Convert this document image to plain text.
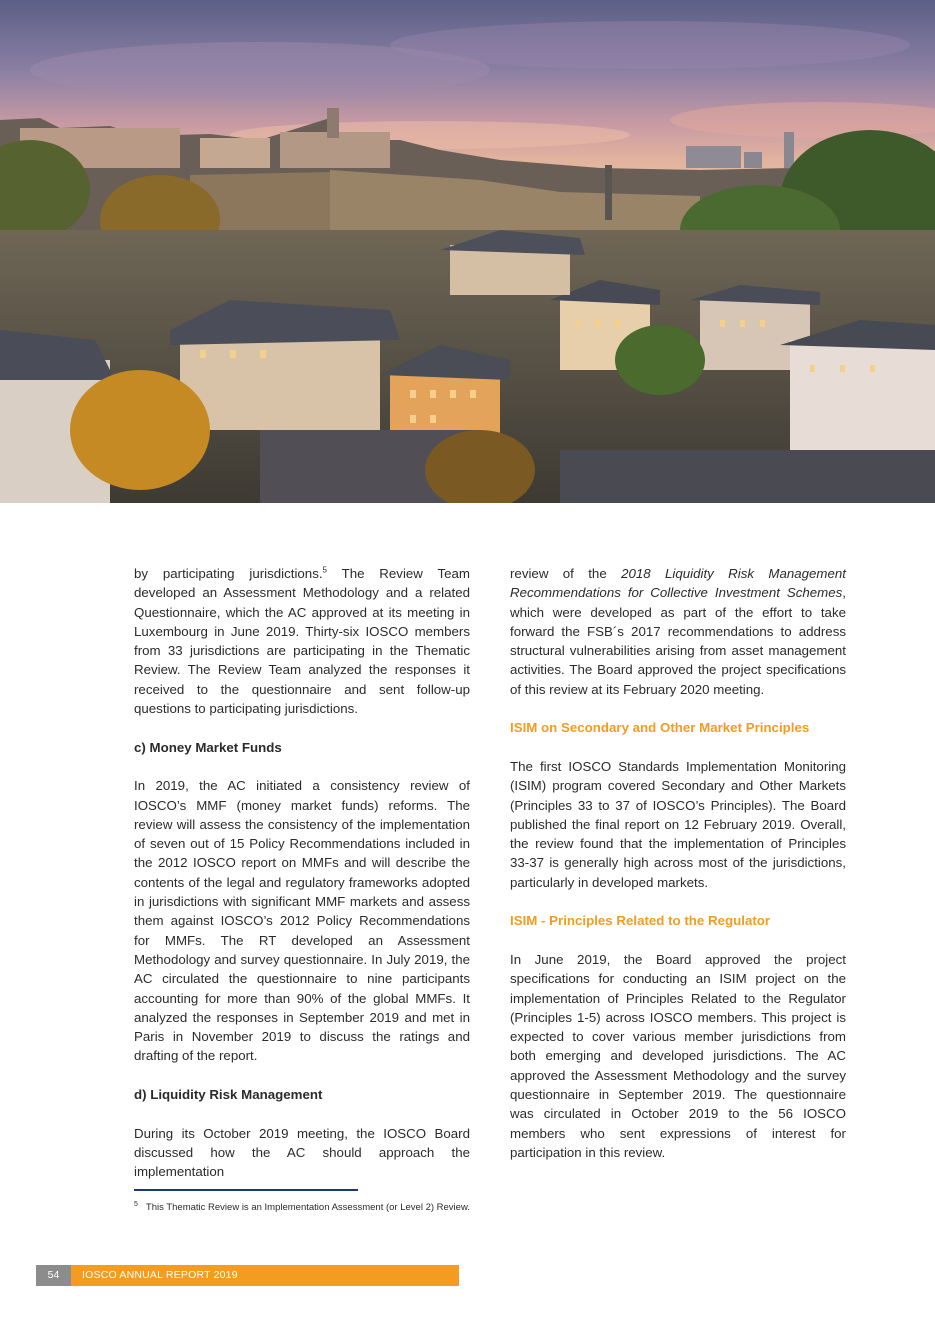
by participating jurisdictions.$^5$ The Review Team developed an Assessment Methodology and a related Questionnaire, which the AC approved at its meeting in Luxembourg in June 2019. Thirty-six IOSCO members from 33 jurisdictions are participating in the Thematic Review. The Review Team analyzed the responses it received to the questionnaire and sent follow-up questions to participating jurisdictions.

c) Money Market Funds

In 2019, the AC initiated a consistency review of IOSCO’s MMF (money market funds) reforms. The review will assess the consistency of the implementation of seven out of 15 Policy Recommendations included in the 2012 IOSCO report on MMFs and will describe the contents of the legal and regulatory frameworks adopted in jurisdictions with significant MMF markets and assess them against IOSCO’s 2012 Policy Recommendations for MMFs. The RT developed an Assessment Methodology and survey questionnaire. In July 2019, the AC circulated the questionnaire to nine participants accounting for more than 90% of the global MMFs. It analyzed the responses in September 2019 and met in Paris in November 2019 to discuss the ratings and drafting of the report.

d) Liquidity Risk Management

During its October 2019 meeting, the IOSCO Board discussed how the AC should approach the implementation

review of the 2018 Liquidity Risk Management Recommendations for Collective Investment Schemes, which were developed as part of the effort to take forward the FSB´s 2017 recommendations to address structural vulnerabilities arising from asset management activities. The Board approved the project specifications of this review at its February 2020 meeting.

ISIM on Secondary and Other Market Principles

The first IOSCO Standards Implementation Monitoring (ISIM) program covered Secondary and Other Markets (Principles 33 to 37 of IOSCO’s Principles). The Board published the final report on 12 February 2019. Overall, the review found that the implementation of Principles 33-37 is generally high across most of the jurisdictions, particularly in developed markets.

ISIM - Principles Related to the Regulator

In June 2019, the Board approved the project specifications for conducting an ISIM project on the implementation of Principles Related to the Regulator (Principles 1-5) across IOSCO members. This project is expected to cover various member jurisdictions from both emerging and developed jurisdictions. The AC approved the Assessment Methodology and the survey questionnaire in September 2019. The questionnaire was circulated in October 2019 to the 56 IOSCO members who sent expressions of interest for participation in this review.

$^5$ This Thematic Review is an Implementation Assessment (or Level 2) Review.
54	IOSCO ANNUAL REPORT 2019
